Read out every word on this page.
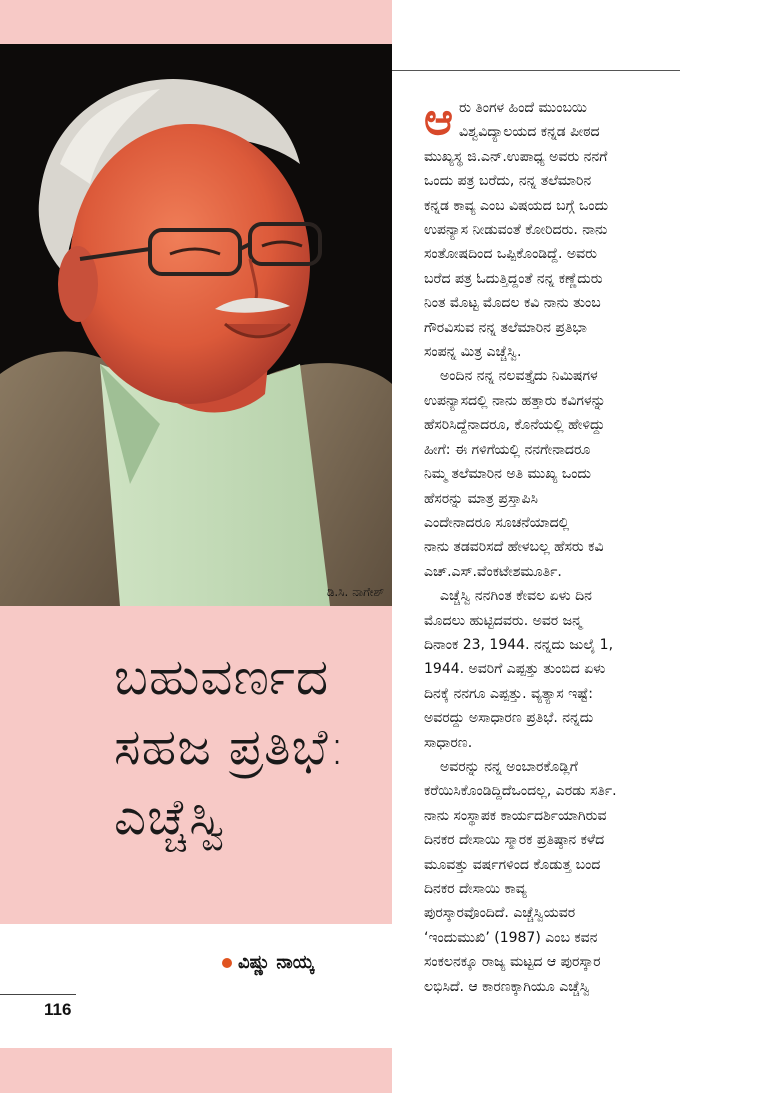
ಡಿ.ಸಿ. ನಾಗೇಶ್
ಬಹುವರ್ಣದ
ಸಹಜ ಪ್ರತಿಭೆ:
ಎಚ್ಚೆಸ್ವಿ
ವಿಷ್ಣು ನಾಯ್ಕ
116
ಆ ರು ತಿಂಗಳ ಹಿಂದೆ ಮುಂಬಯಿ
ವಿಶ್ವವಿದ್ಯಾಲಯದ ಕನ್ನಡ ಪೀಠದ
ಮುಖ್ಯಸ್ಥ ಜಿ.ಎನ್.ಉಪಾಧ್ಯ ಅವರು ನನಗೆ
ಒಂದು ಪತ್ರ ಬರೆದು, ನನ್ನ ತಲೆಮಾರಿನ
ಕನ್ನಡ ಕಾವ್ಯ ಎಂಬ ವಿಷಯದ ಬಗ್ಗೆ ಒಂದು
ಉಪನ್ಯಾಸ ನೀಡುವಂತೆ ಕೋರಿದರು. ನಾನು
ಸಂತೋಷದಿಂದ ಒಪ್ಪಿಕೊಂಡಿದ್ದೆ. ಅವರು
ಬರೆದ ಪತ್ರ ಓದುತ್ತಿದ್ದಂತೆ ನನ್ನ ಕಣ್ಣೆದುರು
ನಿಂತ ಮೊಟ್ಟ ಮೊದಲ ಕವಿ ನಾನು ತುಂಬ
ಗೌರವಿಸುವ ನನ್ನ ತಲೆಮಾರಿನ ಪ್ರತಿಭಾ
ಸಂಪನ್ನ ಮಿತ್ರ ಎಚ್ಚೆಸ್ವಿ.
ಅಂದಿನ ನನ್ನ ನಲವತ್ತೈದು ನಿಮಿಷಗಳ
ಉಪನ್ಯಾಸದಲ್ಲಿ ನಾನು ಹತ್ತಾರು ಕವಿಗಳನ್ನು
ಹೆಸರಿಸಿದ್ದೆನಾದರೂ, ಕೊನೆಯಲ್ಲಿ ಹೇಳಿದ್ದು
ಹೀಗೆ: ಈ ಗಳಿಗೆಯಲ್ಲಿ ನನಗೇನಾದರೂ
ನಿಮ್ಮ ತಲೆಮಾರಿನ ಅತಿ ಮುಖ್ಯ ಒಂದು
ಹೆಸರನ್ನು ಮಾತ್ರ ಪ್ರಸ್ತಾಪಿಸಿ
ಎಂದೇನಾದರೂ ಸೂಚನೆಯಾದಲ್ಲಿ
ನಾನು ತಡವರಿಸದೆ ಹೇಳಬಲ್ಲ ಹೆಸರು ಕವಿ
ಎಚ್.ಎಸ್.ವೆಂಕಟೇಶಮೂರ್ತಿ.
ಎಚ್ಚೆಸ್ವಿ ನನಗಿಂತ ಕೇವಲ ಏಳು ದಿನ
ಮೊದಲು ಹುಟ್ಟಿದವರು. ಅವರ ಜನ್ಮ
ದಿನಾಂಕ 23, 1944. ನನ್ನದು ಜುಲೈ 1,
1944. ಅವರಿಗೆ ಎಪ್ಪತ್ತು ತುಂಬಿದ ಏಳು
ದಿನಕ್ಕೆ ನನಗೂ ಎಪ್ಪತ್ತು. ವ್ಯತ್ಯಾಸ ಇಷ್ಟೆ:
ಅವರದ್ದು ಅಸಾಧಾರಣ ಪ್ರತಿಭೆ. ನನ್ನದು
ಸಾಧಾರಣ.
ಅವರನ್ನು ನನ್ನ ಅಂಬಾರಕೊಡ್ಲಿಗೆ
ಕರೆಯಿಸಿಕೊಂಡಿದ್ದಿದೆಒಂದಲ್ಲ, ಎರಡು ಸರ್ತಿ.
ನಾನು ಸಂಸ್ಥಾಪಕ ಕಾರ್ಯದರ್ಶಿಯಾಗಿರುವ
ದಿನಕರ ದೇಸಾಯಿ ಸ್ಮಾರಕ ಪ್ರತಿಷ್ಠಾನ ಕಳೆದ
ಮೂವತ್ತು ವರ್ಷಗಳಿಂದ ಕೊಡುತ್ತ ಬಂದ
ದಿನಕರ ದೇಸಾಯಿ ಕಾವ್ಯ
ಪುರಸ್ಕಾರವೊಂದಿದೆ. ಎಚ್ಚೆಸ್ವಿಯವರ
‘ಇಂದುಮುಖಿ’ (1987) ಎಂಬ ಕವನ
ಸಂಕಲನಕ್ಕೂ ರಾಜ್ಯ ಮಟ್ಟದ ಆ ಪುರಸ್ಕಾರ
ಲಭಿಸಿದೆ. ಆ ಕಾರಣಕ್ಕಾಗಿಯೂ ಎಚ್ಚೆಸ್ವಿ
